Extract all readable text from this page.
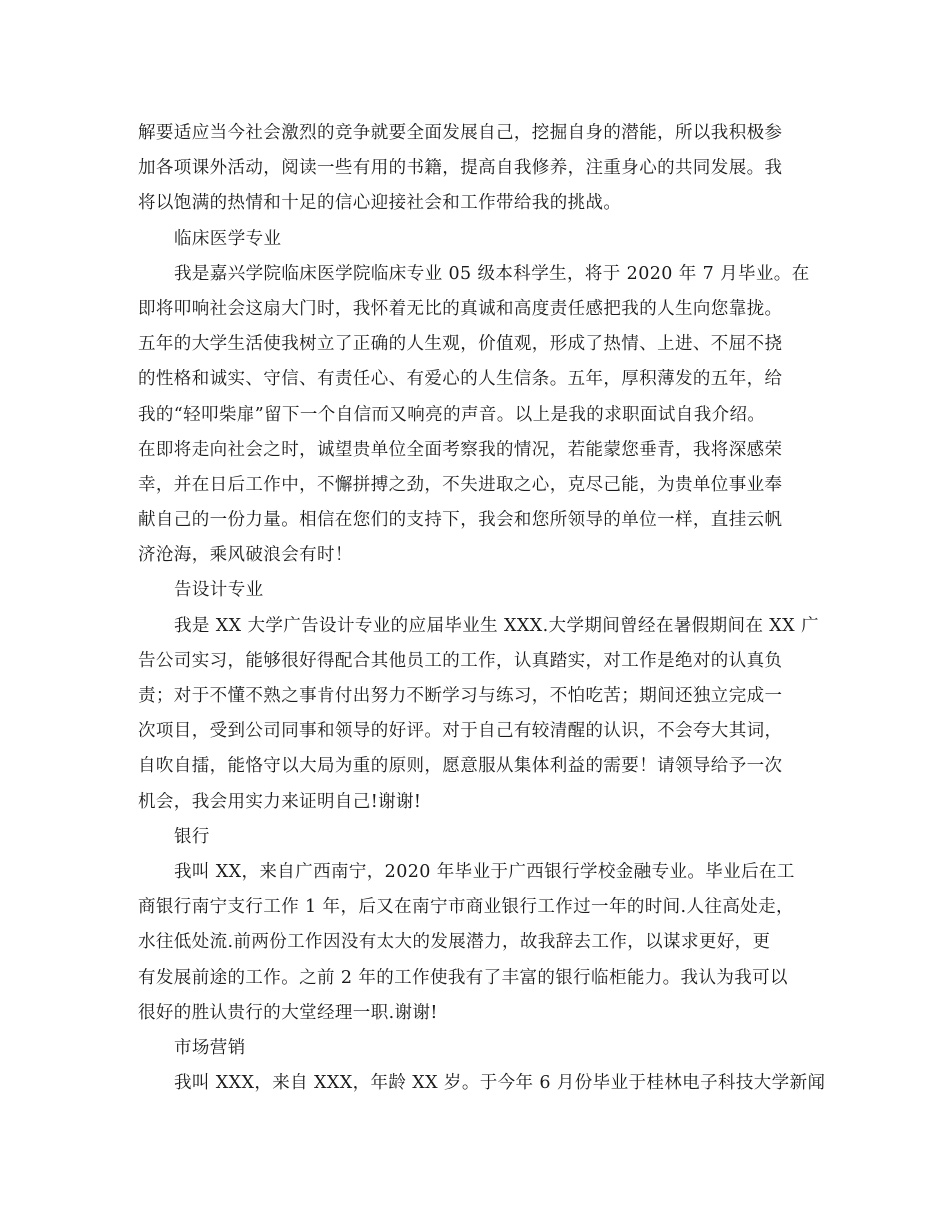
解要适应当今社会激烈的竞争就要全面发展自己，挖掘自身的潜能，所以我积极参
加各项课外活动，阅读一些有用的书籍，提高自我修养，注重身心的共同发展。我
将以饱满的热情和十足的信心迎接社会和工作带给我的挑战。
临床医学专业
我是嘉兴学院临床医学院临床专业 05 级本科学生，将于 2020 年 7 月毕业。在
即将叩响社会这扇大门时，我怀着无比的真诚和高度责任感把我的人生向您靠拢。
五年的大学生活使我树立了正确的人生观，价值观，形成了热情、上进、不屈不挠
的性格和诚实、守信、有责任心、有爱心的人生信条。五年，厚积薄发的五年，给
我的“轻叩柴扉”留下一个自信而又响亮的声音。以上是我的求职面试自我介绍。
在即将走向社会之时，诚望贵单位全面考察我的情况，若能蒙您垂青，我将深感荣
幸，并在日后工作中，不懈拼搏之劲，不失进取之心，克尽己能，为贵单位事业奉
献自己的一份力量。相信在您们的支持下，我会和您所领导的单位一样，直挂云帆
济沧海，乘风破浪会有时！
告设计专业
我是 XX 大学广告设计专业的应届毕业生 XXX.大学期间曾经在暑假期间在 XX 广
告公司实习，能够很好得配合其他员工的工作，认真踏实，对工作是绝对的认真负
责；对于不懂不熟之事肯付出努力不断学习与练习，不怕吃苦；期间还独立完成一
次项目，受到公司同事和领导的好评。对于自己有较清醒的认识，不会夸大其词，
自吹自擂，能恪守以大局为重的原则，愿意服从集体利益的需要！请领导给予一次
机会，我会用实力来证明自己!谢谢!
银行
我叫 XX，来自广西南宁，2020 年毕业于广西银行学校金融专业。毕业后在工
商银行南宁支行工作 1 年，后又在南宁市商业银行工作过一年的时间.人往高处走，
水往低处流.前两份工作因没有太大的发展潜力，故我辞去工作，以谋求更好，更
有发展前途的工作。之前 2 年的工作使我有了丰富的银行临柜能力。我认为我可以
很好的胜认贵行的大堂经理一职.谢谢!
市场营销
我叫 XXX，来自 XXX，年龄 XX 岁。于今年 6 月份毕业于桂林电子科技大学新闻
